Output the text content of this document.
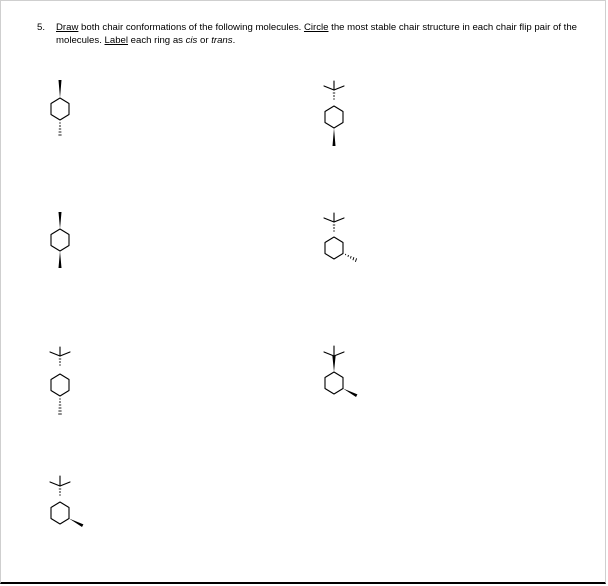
5. Draw both chair conformations of the following molecules. Circle the most stable chair structure in each chair flip pair of the molecules. Label each ring as cis or trans.
